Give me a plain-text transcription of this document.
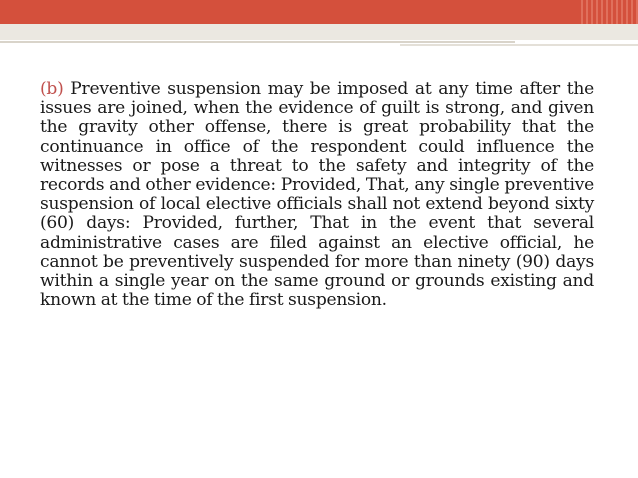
(b) Preventive suspension may be imposed at any time after the issues are joined, when the evidence of guilt is strong, and given the gravity other offense, there is great probability that the continuance in office of the respondent could influence the witnesses or pose a threat to the safety and integrity of the records and other evidence: Provided, That, any single preventive suspension of local elective officials shall not extend beyond sixty (60) days: Provided, further, That in the event that several administrative cases are filed against an elective official, he cannot be preventively suspended for more than ninety (90) days within a single year on the same ground or grounds existing and known at the time of the first suspension.
